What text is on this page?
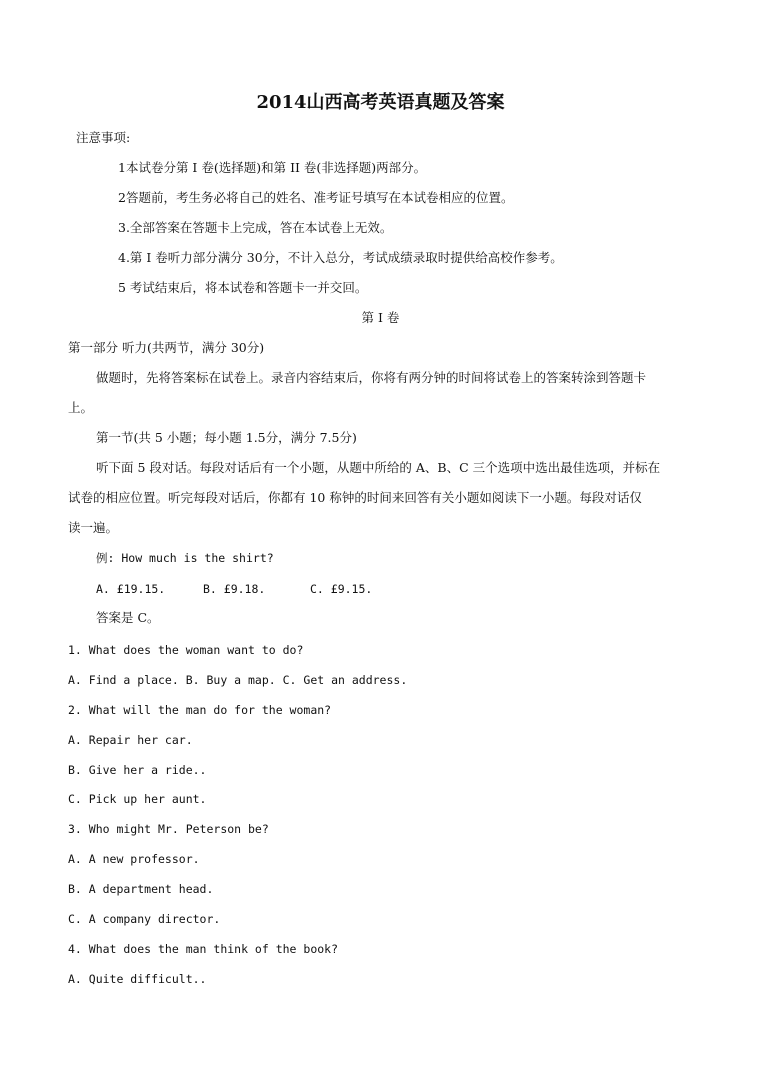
2014山西高考英语真题及答案
注意事项:
1本试卷分第 I 卷(选择题)和第 II 卷(非选择题)两部分。
2答题前，考生务必将自己的姓名、准考证号填写在本试卷相应的位置。
3.全部答案在答题卡上完成，答在本试卷上无效。
4.第 I 卷听力部分满分 30分，不计入总分，考试成绩录取时提供给高校作参考。
5 考试结束后，将本试卷和答题卡一并交回。
第 I 卷
第一部分 听力(共两节，满分 30分)
做题时，先将答案标在试卷上。录音内容结束后，你将有两分钟的时间将试卷上的答案转涂到答题卡
上。
第一节(共 5 小题；每小题 1.5分，满分 7.5分)
听下面 5 段对话。每段对话后有一个小题，从题中所给的 A、B、C 三个选项中选出最佳选项，并标在
试卷的相应位置。听完每段对话后，你都有 10 称钟的时间来回答有关小题如阅读下一小题。每段对话仅
读一遍。
例: How much is the shirt?
A. £19.15.	B. £9.18.	C. £9.15.
答案是 C。
1. What does the woman want to do?
A. Find a place. B. Buy a map. C. Get an address.
2. What will the man do for the woman?
A. Repair her car.
B. Give her a ride..
C. Pick up her aunt.
3. Who might Mr. Peterson be?
A. A new professor.
B. A department head.
C. A company director.
4. What does the man think of the book?
A. Quite difficult..
